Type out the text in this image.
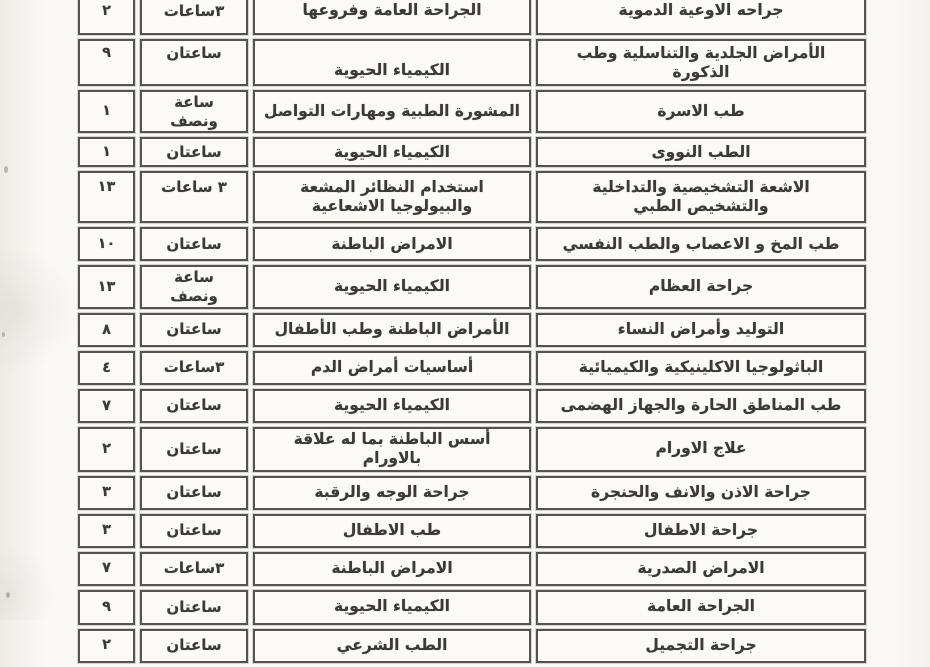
جراحه الاوعية الدموية
الجراحة العامة وفروعها
٣ساعات
٢
الأمراض الجلدية والتناسلية وطب الذكورة
الكيمياء الحيوية
ساعتان
٩
طب الاسرة
المشورة الطبية ومهارات التواصل
ساعة ونصف
١
الطب النووى
الكيمياء الحيوية
ساعتان
١
الاشعة التشخيصية والتداخلية والتشخيص الطبي
استخدام النظائر المشعة والبيولوجيا الاشعاعية
٣ ساعات
١٣
طب المخ و الاعصاب والطب النفسي
الامراض الباطنة
ساعتان
١٠
جراحة العظام
الكيمياء الحيوية
ساعة ونصف
١٣
التوليد وأمراض النساء
الأمراض الباطنة وطب الأطفال
ساعتان
٨
الباثولوجيا الاكلينيكية والكيميائية
أساسيات أمراض الدم
٣ساعات
٤
طب المناطق الحارة والجهاز الهضمى
الكيمياء الحيوية
ساعتان
٧
علاج الاورام
أسس الباطنة بما له علاقة بالاورام
ساعتان
٢
جراحة الاذن والانف والحنجرة
جراحة الوجه والرقبة
ساعتان
٣
جراحة الاطفال
طب الاطفال
ساعتان
٣
الامراض الصدرية
الامراض الباطنة
٣ساعات
٧
الجراحة العامة
الكيمياء الحيوية
ساعتان
٩
جراحة التجميل
الطب الشرعي
ساعتان
٢
